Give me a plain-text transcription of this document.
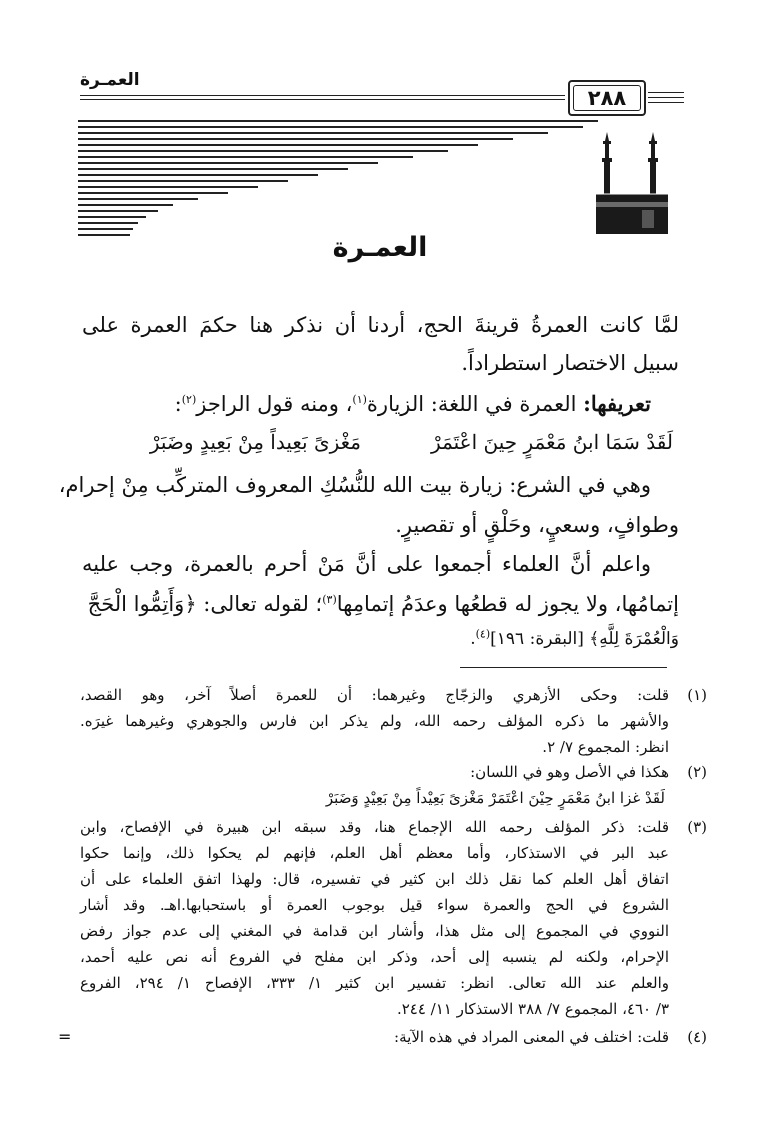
العمـرة
٢٨٨
العمـرة
لمَّا كانت العمرةُ قرينةَ الحج، أردنا أن نذكر هنا حكمَ العمرة على
سبيل الاختصار استطراداً.
تعريفها: العمرة في اللغة: الزيارة$^{(١)}$، ومنه قول الراجز$^{(٢)}$:
لَقَدْ سَمَا ابنُ مَعْمَرٍ حِينَ اعْتَمَرْ
مَغْزىً بَعِيداً مِنْ بَعِيدٍ وضَبَرْ
وهي في الشرع: زيارة بيت الله للنُّسُكِ المعروف المتركِّب مِنْ إحرام،
وطوافٍ، وسعيٍ، وحَلْقٍ أو تقصيرٍ.
واعلم أنَّ العلماء أجمعوا على أنَّ مَنْ أحرم بالعمرة، وجب عليه
إتمامُها، ولا يجوز له قطعُها وعدَمُ إتمامِها$^{(٣)}$؛ لقوله تعالى: ﴿وَأَتِمُّوا الْحَجَّ
وَالْعُمْرَةَ لِلَّهِ﴾ [البقرة: ١٩٦]$^{(٤)}$.
(١)
قلت: وحكى الأزهري والزجّاج وغيرهما: أن للعمرة أصلاً آخر، وهو القصد،
والأشهر ما ذكره المؤلف رحمه الله، ولم يذكر ابن فارس والجوهري وغيرهما غيرَه.
انظر: المجموع ٧/ ٢.
(٢)
هكذا في الأصل وهو في اللسان:
لَقَدْ غزا ابنُ مَعْمَرٍ حِيْنَ اعْتَمَرْ مَغْزىً بَعِيْداً مِنْ بَعِيْدٍ وَضَبَرْ
(٣)
قلت: ذكر المؤلف رحمه الله الإجماع هنا، وقد سبقه ابن هبيرة في الإفصاح، وابن
عبد البر في الاستذكار، وأما معظم أهل العلم، فإنهم لم يحكوا ذلك، وإنما حكوا
اتفاق أهل العلم كما نقل ذلك ابن كثير في تفسيره، قال: ولهذا اتفق العلماء على أن
الشروع في الحج والعمرة سواء قيل بوجوب العمرة أو باستحبابها.اهـ. وقد أشار
النووي في المجموع إلى مثل هذا، وأشار ابن قدامة في المغني إلى عدم جواز رفض
الإحرام، ولكنه لم ينسبه إلى أحد، وذكر ابن مفلح في الفروع أنه نص عليه أحمد،
والعلم عند الله تعالى. انظر: تفسير ابن كثير ١/ ٣٣٣، الإفصاح ١/ ٢٩٤، الفروع
٣/ ٤٦٠، المجموع ٧/ ٣٨٨ الاستذكار ١١/ ٢٤٤.
(٤)
قلت: اختلف في المعنى المراد في هذه الآية:
=
